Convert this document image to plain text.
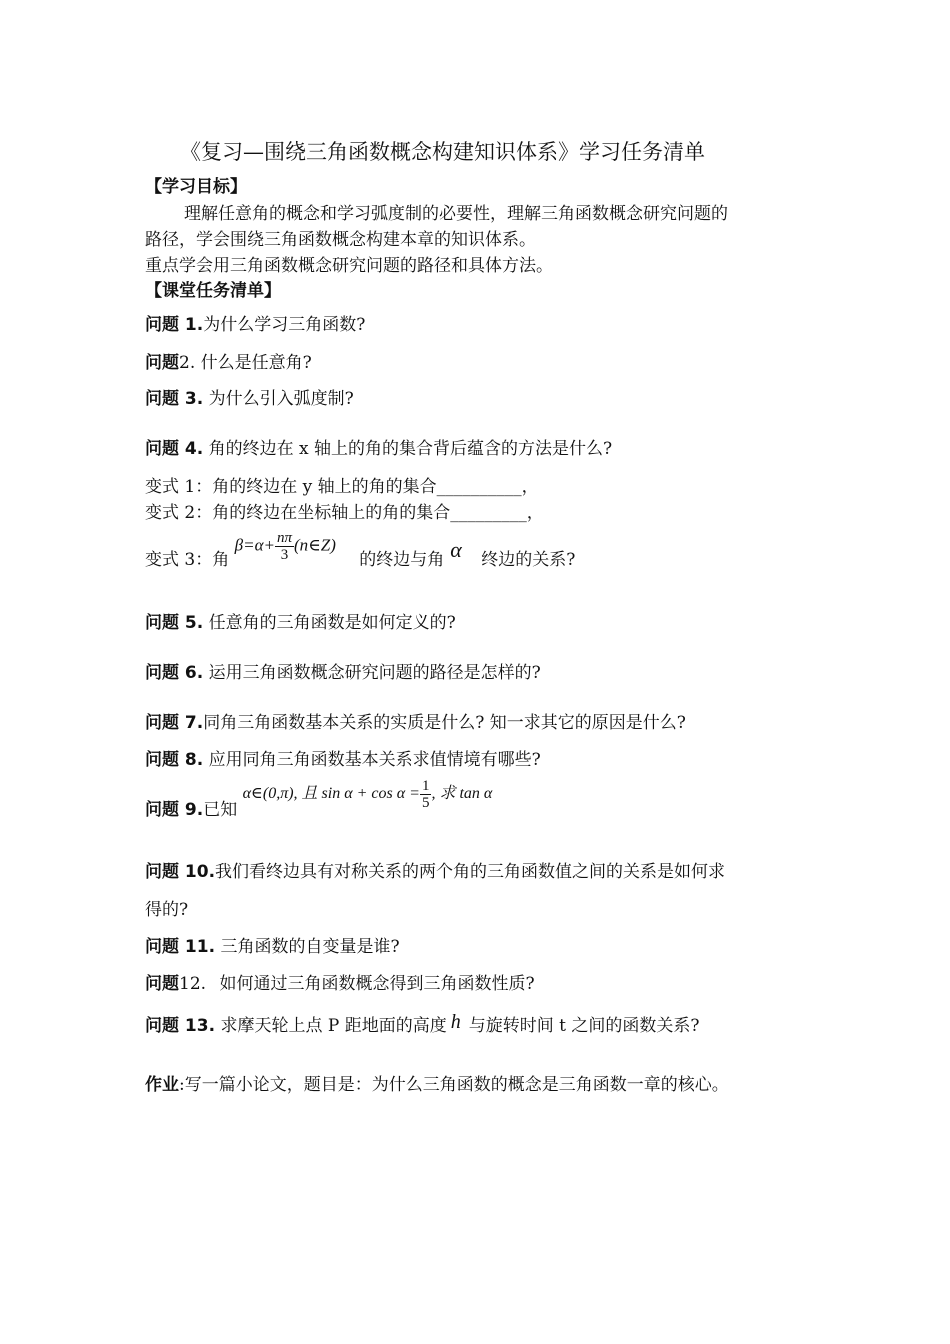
《复习—围绕三角函数概念构建知识体系》学习任务清单
【学习目标】
理解任意角的概念和学习弧度制的必要性，理解三角函数概念研究问题的
路径，学会围绕三角函数概念构建本章的知识体系。
重点学会用三角函数概念研究问题的路径和具体方法。
【课堂任务清单】
问题 1.为什么学习三角函数?
问题2. 什么是任意角?
问题 3. 为什么引入弧度制?
问题 4. 角的终边在 x 轴上的角的集合背后蕴含的方法是什么?
变式 1：角的终边在 y 轴上的角的集合__________，
变式 2：角的终边在坐标轴上的角的集合_________，
变式 3：角 $\beta=\alpha+ \frac{n\pi}{3}$ (n∈Z) 的终边与角 α 终边的关系?
问题 5. 任意角的三角函数是如何定义的?
问题 6. 运用三角函数概念研究问题的路径是怎样的?
问题 7.同角三角函数基本关系的实质是什么? 知一求其它的原因是什么?
问题 8. 应用同角三角函数基本关系求值情境有哪些?
问题 9.已知 α∈(0,π), 且 $\sin \alpha + \cos \alpha = \frac{1}{5}$ , 求 tan α
问题 10.我们看终边具有对称关系的两个角的三角函数值之间的关系是如何求
得的?
问题 11. 三角函数的自变量是谁?
问题12. 如何通过三角函数概念得到三角函数性质?
问题 13. 求摩天轮上点 P 距地面的高度 h 与旋转时间 t 之间的函数关系?
作业:写一篇小论文，题目是：为什么三角函数的概念是三角函数一章的核心。
